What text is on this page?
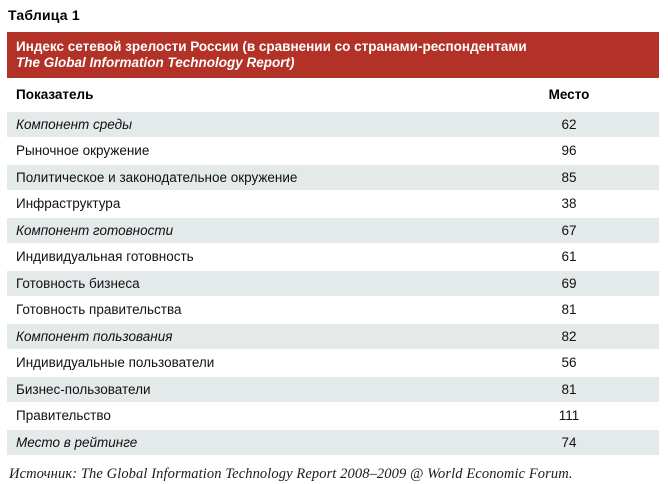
Таблица 1
Индекс сетевой зрелости России (в сравнении со странами-респондентами
The Global Information Technology Report)
Показатель	Место
Компонент среды	62
Рыночное окружение	96
Политическое и законодательное окружение	85
Инфраструктура	38
Компонент готовности	67
Индивидуальная готовность	61
Готовность бизнеса	69
Готовность правительства	81
Компонент пользования	82
Индивидуальные пользователи	56
Бизнес-пользователи	81
Правительство	111
Место в рейтинге	74
Источник: The Global Information Technology Report 2008–2009 @ World Economic Forum.
